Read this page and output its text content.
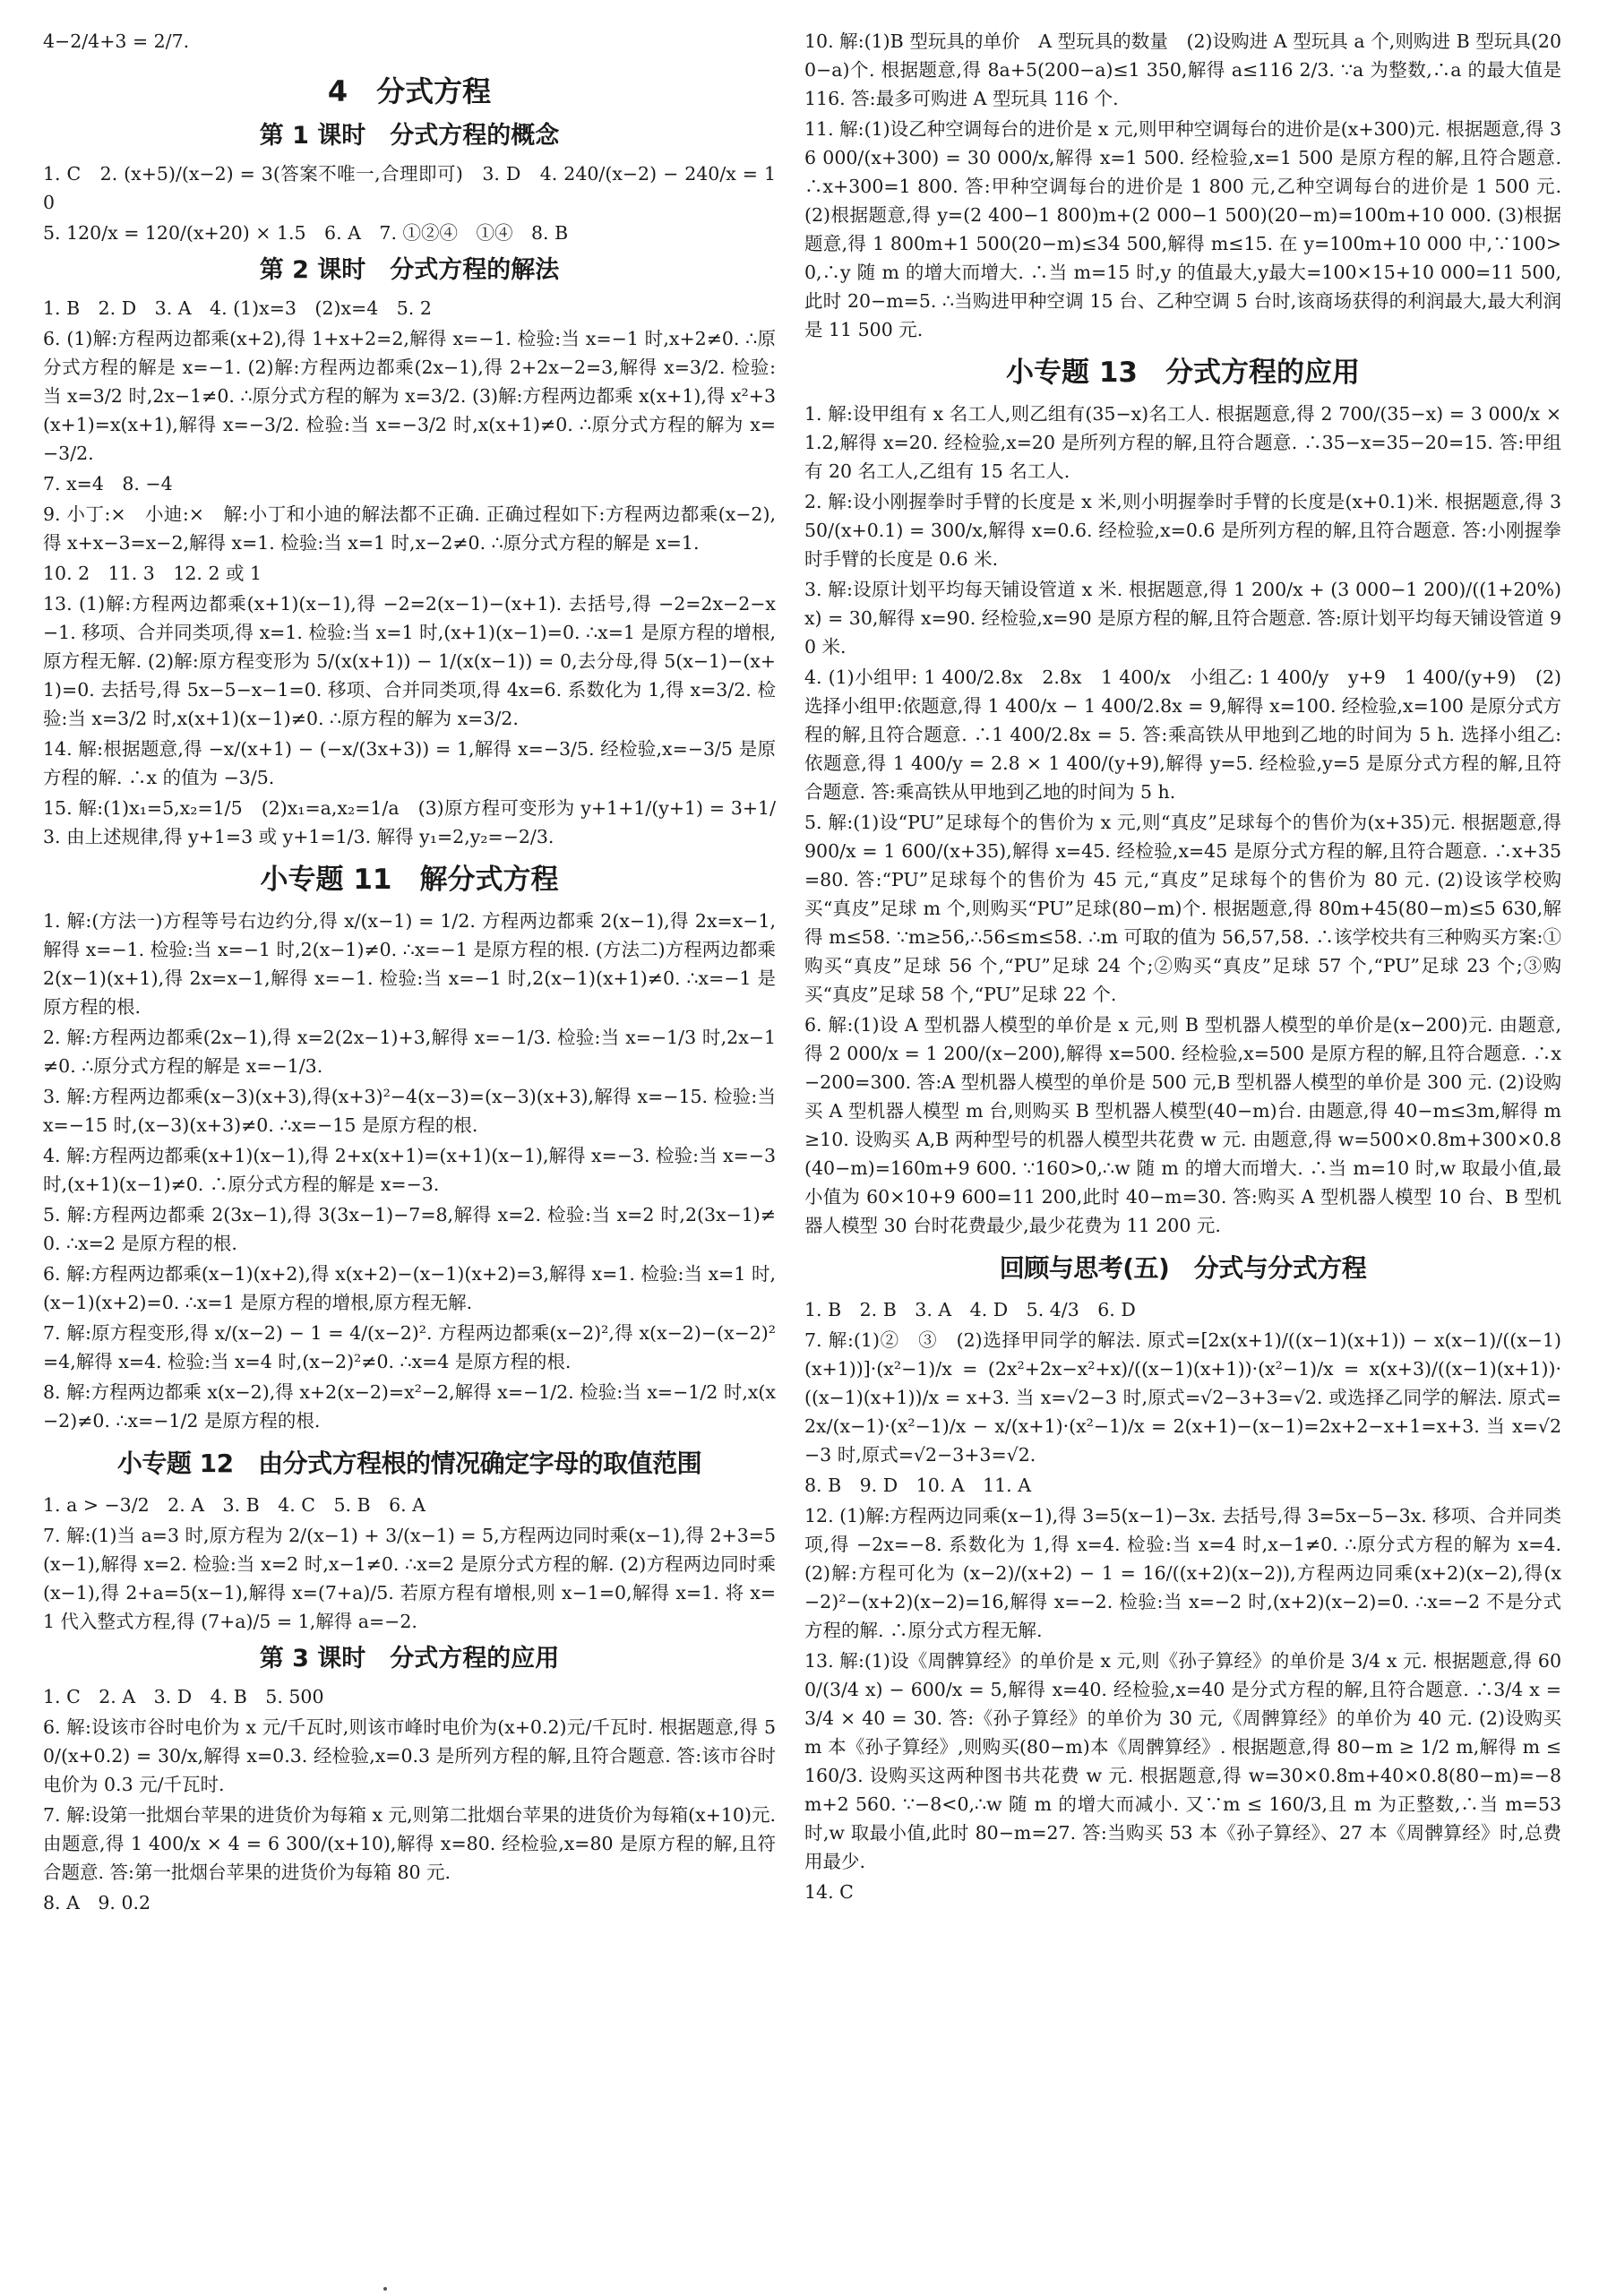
4−2/4+3 = 2/7.
4　分式方程
第 1 课时　分式方程的概念
1. C　2. (x+5)/(x−2) = 3(答案不唯一,合理即可)　3. D　4. 240/(x−2) − 240/x = 10
5. 120/x = 120/(x+20) × 1.5　6. A　7. ①②④　①④　8. B
第 2 课时　分式方程的解法
1. B　2. D　3. A　4. (1)x=3　(2)x=4　5. 2
6. (1)解:方程两边都乘(x+2),得 1+x+2=2,解得 x=−1. 检验:当 x=−1 时,x+2≠0. ∴原分式方程的解是 x=−1. (2)解:方程两边都乘(2x−1),得 2+2x−2=3,解得 x=3/2. 检验:当 x=3/2 时,2x−1≠0. ∴原分式方程的解为 x=3/2. (3)解:方程两边都乘 x(x+1),得 x²+3(x+1)=x(x+1),解得 x=−3/2. 检验:当 x=−3/2 时,x(x+1)≠0. ∴原分式方程的解为 x=−3/2.
7. x=4　8. −4
9. 小丁:×　小迪:×　解:小丁和小迪的解法都不正确. 正确过程如下:方程两边都乘(x−2),得 x+x−3=x−2,解得 x=1. 检验:当 x=1 时,x−2≠0. ∴原分式方程的解是 x=1.
10. 2　11. 3　12. 2 或 1
13. (1)解:方程两边都乘(x+1)(x−1),得 −2=2(x−1)−(x+1). 去括号,得 −2=2x−2−x−1. 移项、合并同类项,得 x=1. 检验:当 x=1 时,(x+1)(x−1)=0. ∴x=1 是原方程的增根,原方程无解. (2)解:原方程变形为 5/(x(x+1)) − 1/(x(x−1)) = 0,去分母,得 5(x−1)−(x+1)=0. 去括号,得 5x−5−x−1=0. 移项、合并同类项,得 4x=6. 系数化为 1,得 x=3/2. 检验:当 x=3/2 时,x(x+1)(x−1)≠0. ∴原方程的解为 x=3/2.
14. 解:根据题意,得 −x/(x+1) − (−x/(3x+3)) = 1,解得 x=−3/5. 经检验,x=−3/5 是原方程的解. ∴x 的值为 −3/5.
15. 解:(1)x₁=5,x₂=1/5　(2)x₁=a,x₂=1/a　(3)原方程可变形为 y+1+1/(y+1) = 3+1/3. 由上述规律,得 y+1=3 或 y+1=1/3. 解得 y₁=2,y₂=−2/3.
小专题 11　解分式方程
1. 解:(方法一)方程等号右边约分,得 x/(x−1) = 1/2. 方程两边都乘 2(x−1),得 2x=x−1,解得 x=−1. 检验:当 x=−1 时,2(x−1)≠0. ∴x=−1 是原方程的根. (方法二)方程两边都乘 2(x−1)(x+1),得 2x=x−1,解得 x=−1. 检验:当 x=−1 时,2(x−1)(x+1)≠0. ∴x=−1 是原方程的根.
2. 解:方程两边都乘(2x−1),得 x=2(2x−1)+3,解得 x=−1/3. 检验:当 x=−1/3 时,2x−1≠0. ∴原分式方程的解是 x=−1/3.
3. 解:方程两边都乘(x−3)(x+3),得(x+3)²−4(x−3)=(x−3)(x+3),解得 x=−15. 检验:当 x=−15 时,(x−3)(x+3)≠0. ∴x=−15 是原方程的根.
4. 解:方程两边都乘(x+1)(x−1),得 2+x(x+1)=(x+1)(x−1),解得 x=−3. 检验:当 x=−3 时,(x+1)(x−1)≠0. ∴原分式方程的解是 x=−3.
5. 解:方程两边都乘 2(3x−1),得 3(3x−1)−7=8,解得 x=2. 检验:当 x=2 时,2(3x−1)≠0. ∴x=2 是原方程的根.
6. 解:方程两边都乘(x−1)(x+2),得 x(x+2)−(x−1)(x+2)=3,解得 x=1. 检验:当 x=1 时,(x−1)(x+2)=0. ∴x=1 是原方程的增根,原方程无解.
7. 解:原方程变形,得 x/(x−2) − 1 = 4/(x−2)². 方程两边都乘(x−2)²,得 x(x−2)−(x−2)²=4,解得 x=4. 检验:当 x=4 时,(x−2)²≠0. ∴x=4 是原方程的根.
8. 解:方程两边都乘 x(x−2),得 x+2(x−2)=x²−2,解得 x=−1/2. 检验:当 x=−1/2 时,x(x−2)≠0. ∴x=−1/2 是原方程的根.
小专题 12　由分式方程根的情况确定字母的取值范围
1. a > −3/2　2. A　3. B　4. C　5. B　6. A
7. 解:(1)当 a=3 时,原方程为 2/(x−1) + 3/(x−1) = 5,方程两边同时乘(x−1),得 2+3=5(x−1),解得 x=2. 检验:当 x=2 时,x−1≠0. ∴x=2 是原分式方程的解. (2)方程两边同时乘(x−1),得 2+a=5(x−1),解得 x=(7+a)/5. 若原方程有增根,则 x−1=0,解得 x=1. 将 x=1 代入整式方程,得 (7+a)/5 = 1,解得 a=−2.
第 3 课时　分式方程的应用
1. C　2. A　3. D　4. B　5. 500
6. 解:设该市谷时电价为 x 元/千瓦时,则该市峰时电价为(x+0.2)元/千瓦时. 根据题意,得 50/(x+0.2) = 30/x,解得 x=0.3. 经检验,x=0.3 是所列方程的解,且符合题意. 答:该市谷时电价为 0.3 元/千瓦时.
7. 解:设第一批烟台苹果的进货价为每箱 x 元,则第二批烟台苹果的进货价为每箱(x+10)元. 由题意,得 1 400/x × 4 = 6 300/(x+10),解得 x=80. 经检验,x=80 是原方程的解,且符合题意. 答:第一批烟台苹果的进货价为每箱 80 元.
8. A　9. 0.2
10. 解:(1)B 型玩具的单价　A 型玩具的数量　(2)设购进 A 型玩具 a 个,则购进 B 型玩具(200−a)个. 根据题意,得 8a+5(200−a)≤1 350,解得 a≤116 2/3. ∵a 为整数,∴a 的最大值是 116. 答:最多可购进 A 型玩具 116 个.
11. 解:(1)设乙种空调每台的进价是 x 元,则甲种空调每台的进价是(x+300)元. 根据题意,得 36 000/(x+300) = 30 000/x,解得 x=1 500. 经检验,x=1 500 是原方程的解,且符合题意. ∴x+300=1 800. 答:甲种空调每台的进价是 1 800 元,乙种空调每台的进价是 1 500 元. (2)根据题意,得 y=(2 400−1 800)m+(2 000−1 500)(20−m)=100m+10 000. (3)根据题意,得 1 800m+1 500(20−m)≤34 500,解得 m≤15. 在 y=100m+10 000 中,∵100>0,∴y 随 m 的增大而增大. ∴当 m=15 时,y 的值最大,y最大=100×15+10 000=11 500,此时 20−m=5. ∴当购进甲种空调 15 台、乙种空调 5 台时,该商场获得的利润最大,最大利润是 11 500 元.
小专题 13　分式方程的应用
1. 解:设甲组有 x 名工人,则乙组有(35−x)名工人. 根据题意,得 2 700/(35−x) = 3 000/x × 1.2,解得 x=20. 经检验,x=20 是所列方程的解,且符合题意. ∴35−x=35−20=15. 答:甲组有 20 名工人,乙组有 15 名工人.
2. 解:设小刚握拳时手臂的长度是 x 米,则小明握拳时手臂的长度是(x+0.1)米. 根据题意,得 350/(x+0.1) = 300/x,解得 x=0.6. 经检验,x=0.6 是所列方程的解,且符合题意. 答:小刚握拳时手臂的长度是 0.6 米.
3. 解:设原计划平均每天铺设管道 x 米. 根据题意,得 1 200/x + (3 000−1 200)/((1+20%)x) = 30,解得 x=90. 经检验,x=90 是原方程的解,且符合题意. 答:原计划平均每天铺设管道 90 米.
4. (1)小组甲: 1 400/2.8x　2.8x　1 400/x　小组乙: 1 400/y　y+9　1 400/(y+9)　(2)选择小组甲:依题意,得 1 400/x − 1 400/2.8x = 9,解得 x=100. 经检验,x=100 是原分式方程的解,且符合题意. ∴1 400/2.8x = 5. 答:乘高铁从甲地到乙地的时间为 5 h. 选择小组乙:依题意,得 1 400/y = 2.8 × 1 400/(y+9),解得 y=5. 经检验,y=5 是原分式方程的解,且符合题意. 答:乘高铁从甲地到乙地的时间为 5 h.
5. 解:(1)设“PU”足球每个的售价为 x 元,则“真皮”足球每个的售价为(x+35)元. 根据题意,得 900/x = 1 600/(x+35),解得 x=45. 经检验,x=45 是原分式方程的解,且符合题意. ∴x+35=80. 答:“PU”足球每个的售价为 45 元,“真皮”足球每个的售价为 80 元. (2)设该学校购买“真皮”足球 m 个,则购买“PU”足球(80−m)个. 根据题意,得 80m+45(80−m)≤5 630,解得 m≤58. ∵m≥56,∴56≤m≤58. ∴m 可取的值为 56,57,58. ∴该学校共有三种购买方案:①购买“真皮”足球 56 个,“PU”足球 24 个;②购买“真皮”足球 57 个,“PU”足球 23 个;③购买“真皮”足球 58 个,“PU”足球 22 个.
6. 解:(1)设 A 型机器人模型的单价是 x 元,则 B 型机器人模型的单价是(x−200)元. 由题意,得 2 000/x = 1 200/(x−200),解得 x=500. 经检验,x=500 是原方程的解,且符合题意. ∴x−200=300. 答:A 型机器人模型的单价是 500 元,B 型机器人模型的单价是 300 元. (2)设购买 A 型机器人模型 m 台,则购买 B 型机器人模型(40−m)台. 由题意,得 40−m≤3m,解得 m≥10. 设购买 A,B 两种型号的机器人模型共花费 w 元. 由题意,得 w=500×0.8m+300×0.8(40−m)=160m+9 600. ∵160>0,∴w 随 m 的增大而增大. ∴当 m=10 时,w 取最小值,最小值为 60×10+9 600=11 200,此时 40−m=30. 答:购买 A 型机器人模型 10 台、B 型机器人模型 30 台时花费最少,最少花费为 11 200 元.
回顾与思考(五)　分式与分式方程
1. B　2. B　3. A　4. D　5. 4/3　6. D
7. 解:(1)②　③　(2)选择甲同学的解法. 原式=[2x(x+1)/((x−1)(x+1)) − x(x−1)/((x−1)(x+1))]·(x²−1)/x = (2x²+2x−x²+x)/((x−1)(x+1))·(x²−1)/x = x(x+3)/((x−1)(x+1))·((x−1)(x+1))/x = x+3. 当 x=√2−3 时,原式=√2−3+3=√2. 或选择乙同学的解法. 原式= 2x/(x−1)·(x²−1)/x − x/(x+1)·(x²−1)/x = 2(x+1)−(x−1)=2x+2−x+1=x+3. 当 x=√2−3 时,原式=√2−3+3=√2.
8. B　9. D　10. A　11. A
12. (1)解:方程两边同乘(x−1),得 3=5(x−1)−3x. 去括号,得 3=5x−5−3x. 移项、合并同类项,得 −2x=−8. 系数化为 1,得 x=4. 检验:当 x=4 时,x−1≠0. ∴原分式方程的解为 x=4. (2)解:方程可化为 (x−2)/(x+2) − 1 = 16/((x+2)(x−2)),方程两边同乘(x+2)(x−2),得(x−2)²−(x+2)(x−2)=16,解得 x=−2. 检验:当 x=−2 时,(x+2)(x−2)=0. ∴x=−2 不是分式方程的解. ∴原分式方程无解.
13. 解:(1)设《周髀算经》的单价是 x 元,则《孙子算经》的单价是 3/4 x 元. 根据题意,得 600/(3/4 x) − 600/x = 5,解得 x=40. 经检验,x=40 是分式方程的解,且符合题意. ∴3/4 x = 3/4 × 40 = 30. 答:《孙子算经》的单价为 30 元,《周髀算经》的单价为 40 元. (2)设购买 m 本《孙子算经》,则购买(80−m)本《周髀算经》. 根据题意,得 80−m ≥ 1/2 m,解得 m ≤ 160/3. 设购买这两种图书共花费 w 元. 根据题意,得 w=30×0.8m+40×0.8(80−m)=−8m+2 560. ∵−8<0,∴w 随 m 的增大而减小. 又∵m ≤ 160/3,且 m 为正整数,∴当 m=53 时,w 取最小值,此时 80−m=27. 答:当购买 53 本《孙子算经》、27 本《周髀算经》时,总费用最少.
14. C
